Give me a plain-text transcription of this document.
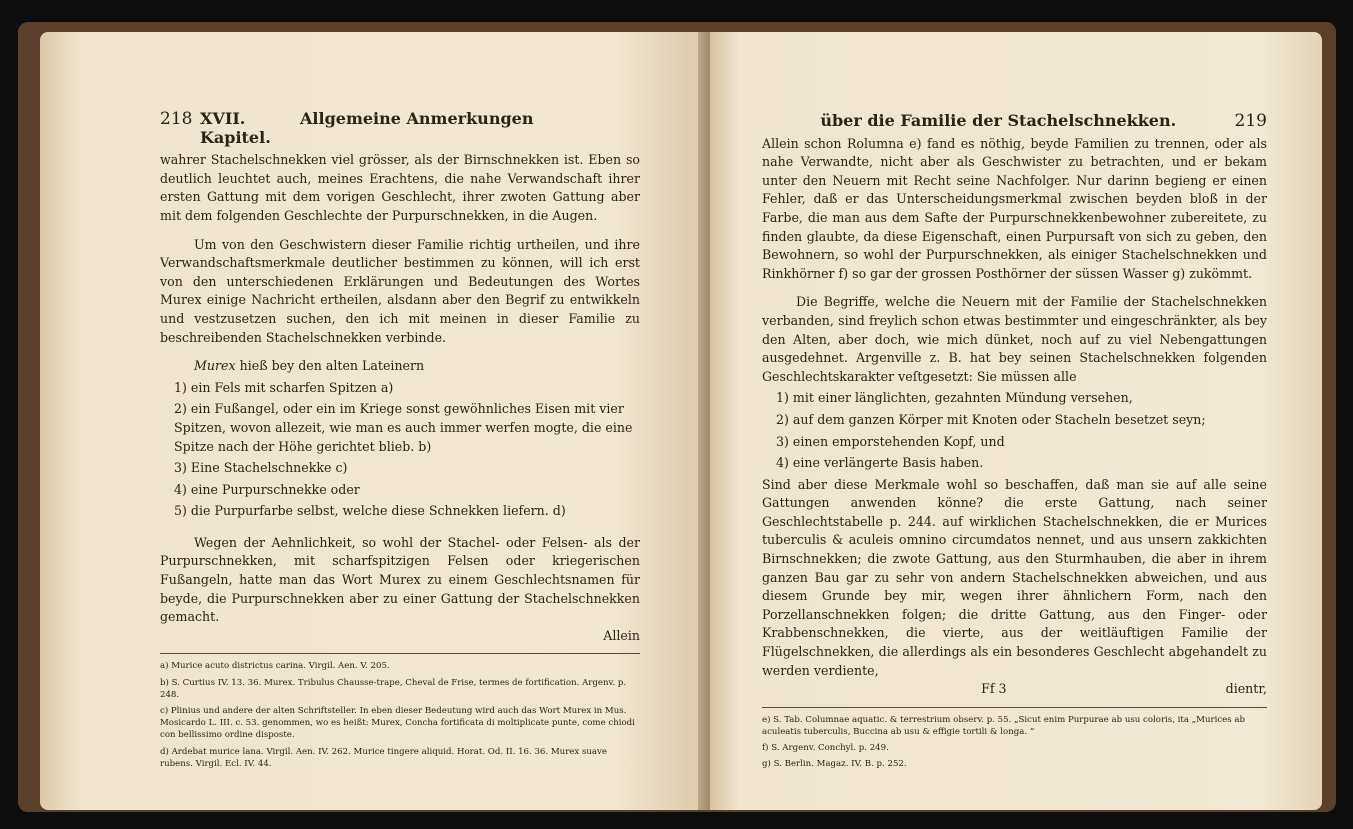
218 XVII. Kapitel.
Allgemeine Anmerkungen

wahrer Stachelschnekken viel grösser, als der Birnschnekken ist. Eben so deutlich leuchtet auch, meines Erachtens, die nahe Verwandschaft ihrer ersten Gattung mit dem vorigen Geschlecht, ihrer zwoten Gattung aber mit dem folgenden Geschlechte der Purpurschnekken, in die Augen.

Um von den Geschwistern dieser Familie richtig urtheilen, und ihre Verwandschaftsmerkmale deutlicher bestimmen zu können, will ich erst von den unterschiedenen Erklärungen und Bedeutungen des Wortes Murex einige Nachricht ertheilen, alsdann aber den Begrif zu entwikkeln und vestzusetzen suchen, den ich mit meinen in dieser Familie zu beschreibenden Stachelschnekken verbinde.

Murex hieß bey den alten Lateinern

1) ein Fels mit scharfen Spitzen a)
2) ein Fußangel, oder ein im Kriege sonst gewöhnliches Eisen mit vier Spitzen, wovon allezeit, wie man es auch immer werfen mogte, die eine Spitze nach der Höhe gerichtet blieb. b)
3) Eine Stachelschnekke c)
4) eine Purpurschnekke oder
5) die Purpurfarbe selbst, welche diese Schnekken liefern. d)

Wegen der Aehnlichkeit, so wohl der Stachel- oder Felsen- als der Purpurschnekken, mit scharfspitzigen Felsen oder kriegerischen Fußangeln, hatte man das Wort Murex zu einem Geschlechtsnamen für beyde, die Purpurschnekken aber zu einer Gattung der Stachelschnekken gemacht.

Allein
a) Murice acuto districtus carina. Virgil. Aen. V. 205.
b) S. Curtius IV. 13. 36. Murex. Tribulus Chausse-trape, Cheval de Frise, termes de fortification. Argenv. p. 248.
c) Plinius und andere der alten Schriftsteller. In eben dieser Bedeutung wird auch das Wort Murex in Mus. Mosicardo L. III. c. 53. genommen, wo es heißt: Murex, Concha fortificata di moltiplicate punte, come chiodi con bellissimo ordine disposte.
d) Ardebat murice lana. Virgil. Aen. IV. 262. Murice tingere aliquid. Horat. Od. II. 16. 36. Murex suave rubens. Virgil. Ecl. IV. 44.
über die Familie der Stachelschnekken.	219

Allein schon Rolumna e) fand es nöthig, beyde Familien zu trennen, oder als nahe Verwandte, nicht aber als Geschwister zu betrachten, und er bekam unter den Neuern mit Recht seine Nachfolger. Nur darinn begieng er einen Fehler, daß er das Unterscheidungsmerkmal zwischen beyden bloß in der Farbe, die man aus dem Safte der Purpurschnekkenbewohner zubereitete, zu finden glaubte, da diese Eigenschaft, einen Purpursaft von sich zu geben, den Bewohnern, so wohl der Purpurschnekken, als einiger Stachelschnekken und Rinkhörner f) so gar der grossen Posthörner der süssen Wasser g) zukömmt.

Die Begriffe, welche die Neuern mit der Familie der Stachelschnekken verbanden, sind freylich schon etwas bestimmter und eingeschränkter, als bey den Alten, aber doch, wie mich dünket, noch auf zu viel Nebengattungen ausgedehnet. Argenville z. B. hat bey seinen Stachelschnekken folgenden Geschlechtskarakter veſtgesetzt: Sie müssen alle

1) mit einer länglichten, gezahnten Mündung versehen,
2) auf dem ganzen Körper mit Knoten oder Stacheln besetzet seyn;
3) einen emporstehenden Kopf, und
4) eine verlängerte Basis haben.

Sind aber diese Merkmale wohl so beschaffen, daß man sie auf alle seine Gattungen anwenden könne? die erste Gattung, nach seiner Geschlechtstabelle p. 244. auf wirklichen Stachelschnekken, die er Murices tuberculis & aculeis omnino circumdatos nennet, und aus unsern zakkichten Birnschnekken; die zwote Gattung, aus den Sturmhauben, die aber in ihrem ganzen Bau gar zu sehr von andern Stachelschnekken abweichen, und aus diesem Grunde bey mir, wegen ihrer ähnlichern Form, nach den Porzellanschnekken folgen; die dritte Gattung, aus den Finger- oder Krabbenschnekken, die vierte, aus der weitläuftigen Familie der Flügelschnekken, die allerdings als ein besonderes Geschlecht abgehandelt zu werden verdiente,

Ff 3	dientr,
e) S. Tab. Columnae aquatic. & terrestrium observ. p. 55. „Sicut enim Purpurae ab usu coloris, ita „Murices ab aculeatis tuberculis, Buccina ab usu & effigie tortili & longa. “
f) S. Argenv. Conchyl. p. 249.
g) S. Berlin. Magaz. IV. B. p. 252.
